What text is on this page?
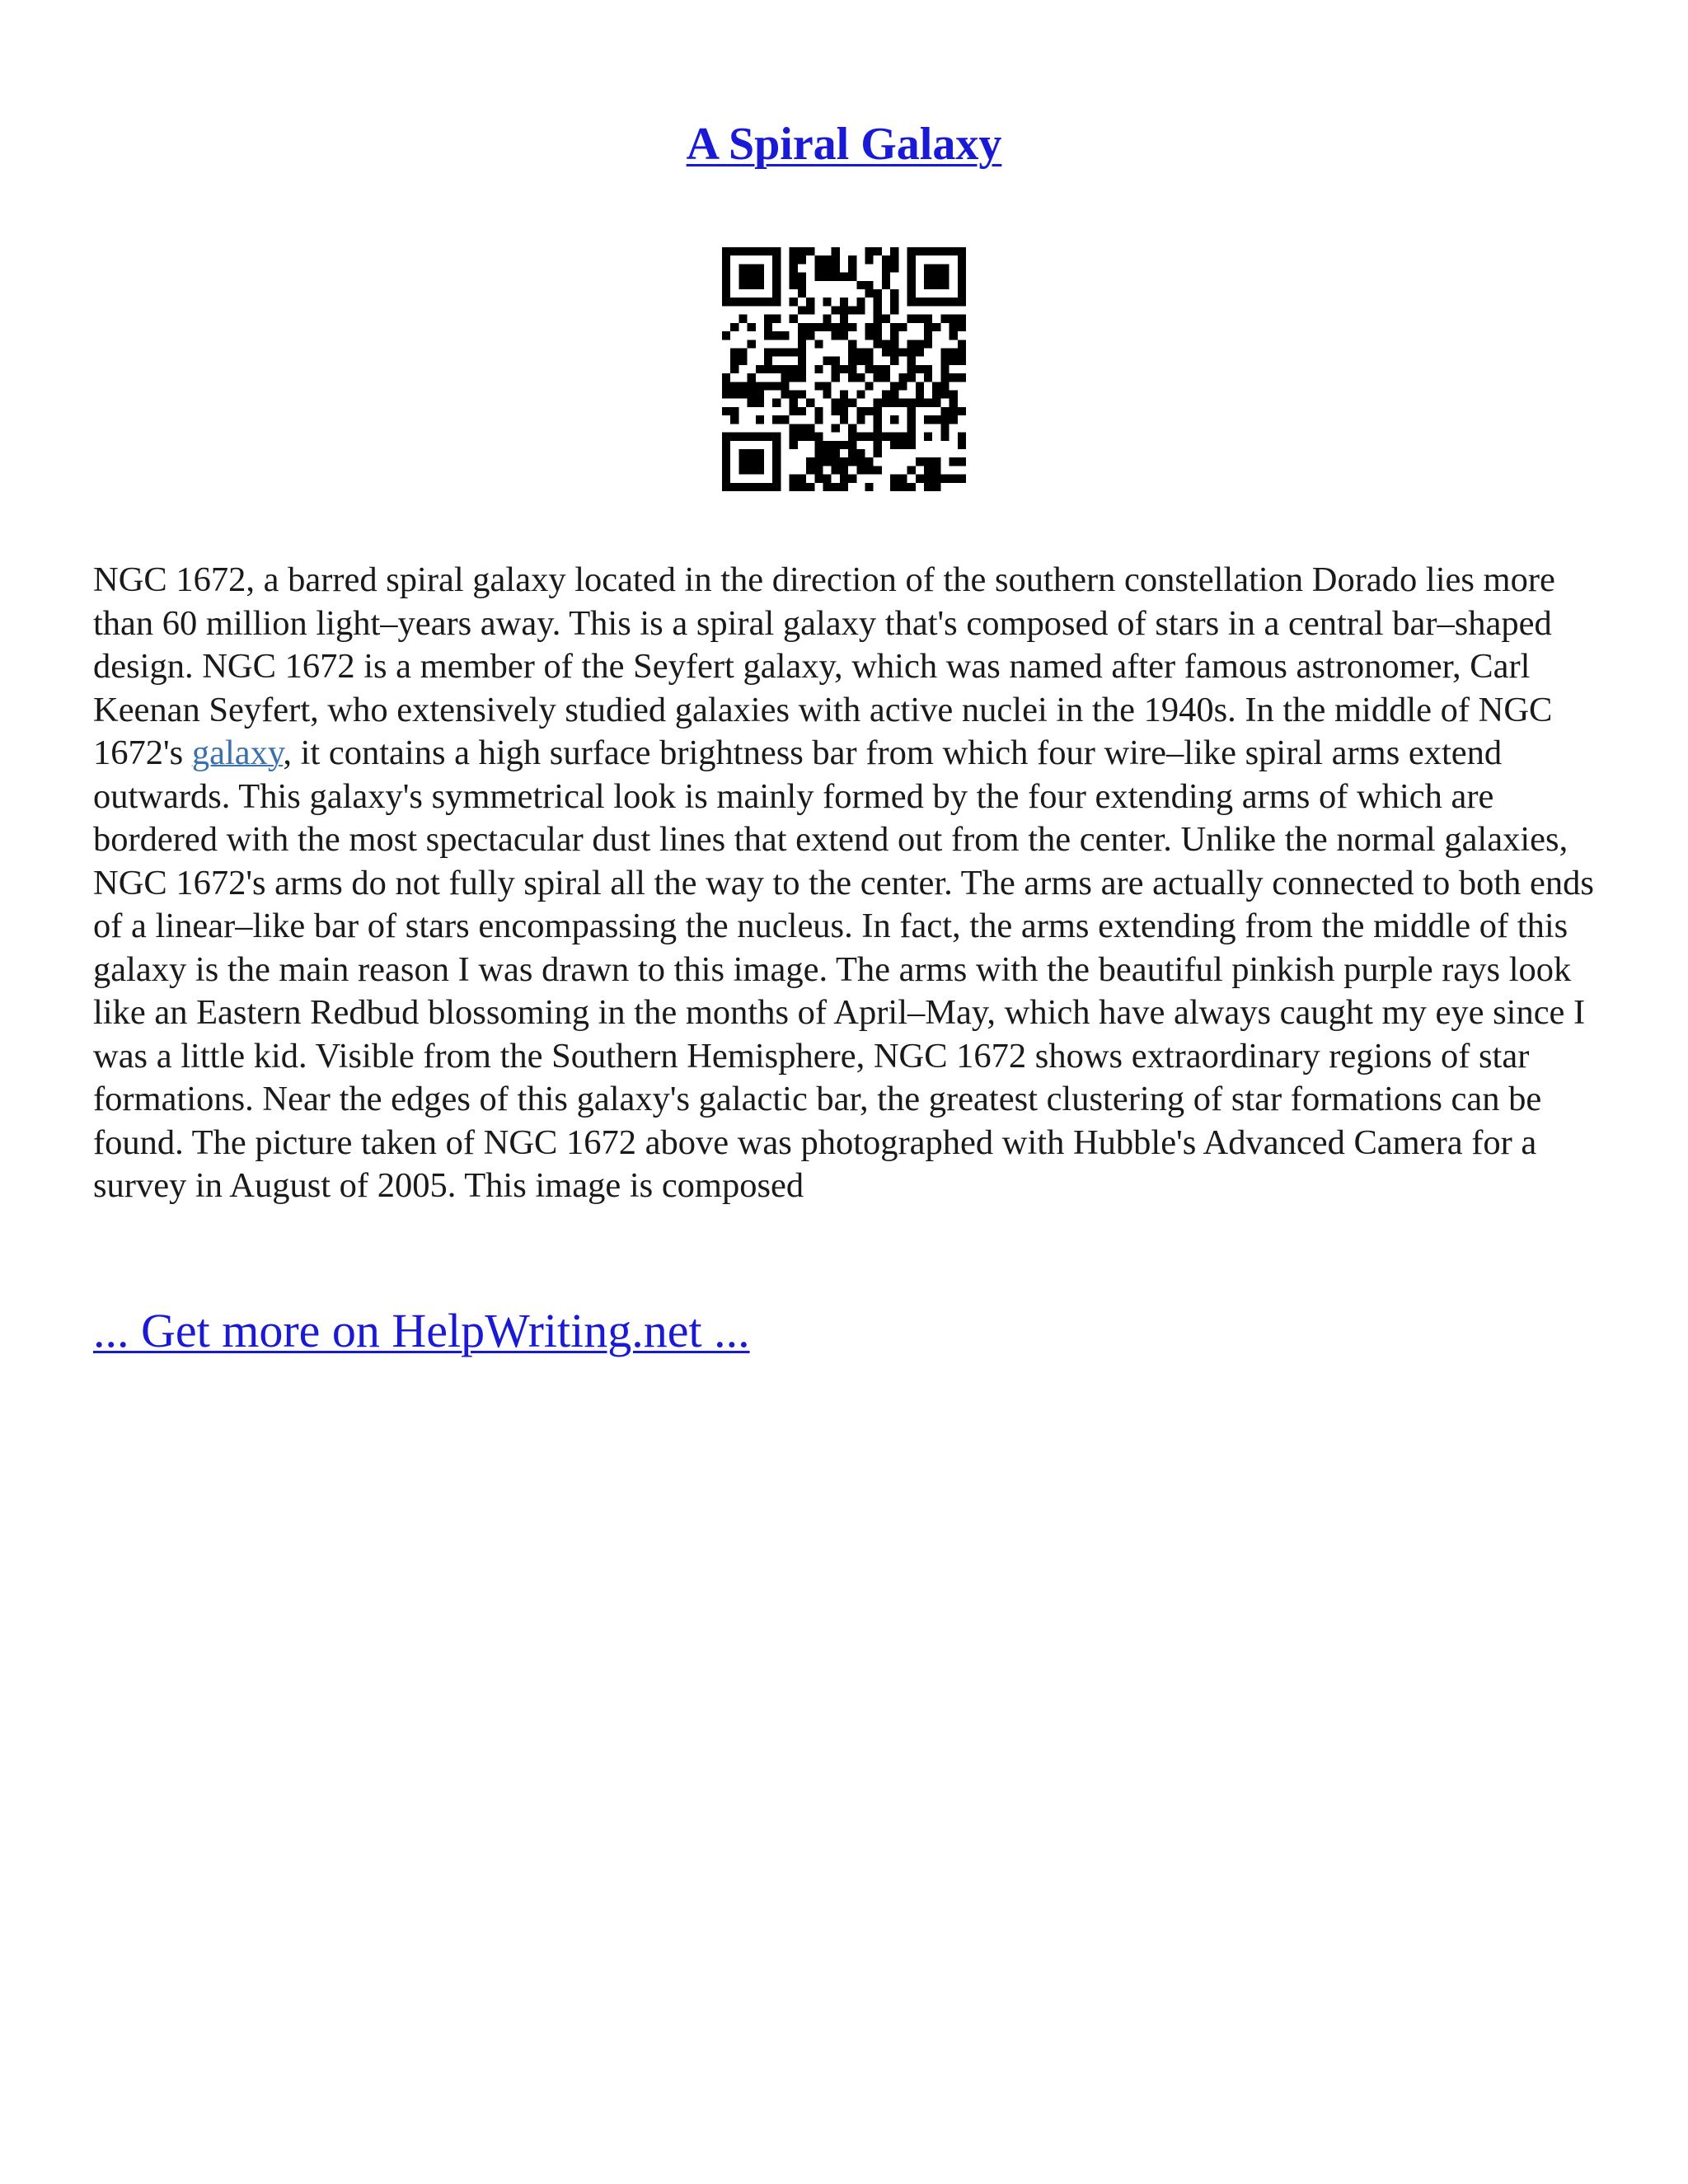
A Spiral Galaxy

NGC 1672, a barred spiral galaxy located in the direction of the southern constellation Dorado lies more than 60 million light–years away. This is a spiral galaxy that's composed of stars in a central bar–shaped design. NGC 1672 is a member of the Seyfert galaxy, which was named after famous astronomer, Carl Keenan Seyfert, who extensively studied galaxies with active nuclei in the 1940s. In the middle of NGC 1672's galaxy, it contains a high surface brightness bar from which four wire–like spiral arms extend outwards. This galaxy's symmetrical look is mainly formed by the four extending arms of which are bordered with the most spectacular dust lines that extend out from the center. Unlike the normal galaxies, NGC 1672's arms do not fully spiral all the way to the center. The arms are actually connected to both ends of a linear–like bar of stars encompassing the nucleus. In fact, the arms extending from the middle of this galaxy is the main reason I was drawn to this image. The arms with the beautiful pinkish purple rays look like an Eastern Redbud blossoming in the months of April–May, which have always caught my eye since I was a little kid. Visible from the Southern Hemisphere, NGC 1672 shows extraordinary regions of star formations. Near the edges of this galaxy's galactic bar, the greatest clustering of star formations can be found. The picture taken of NGC 1672 above was photographed with Hubble's Advanced Camera for a survey in August of 2005. This image is composed

... Get more on HelpWriting.net ...
